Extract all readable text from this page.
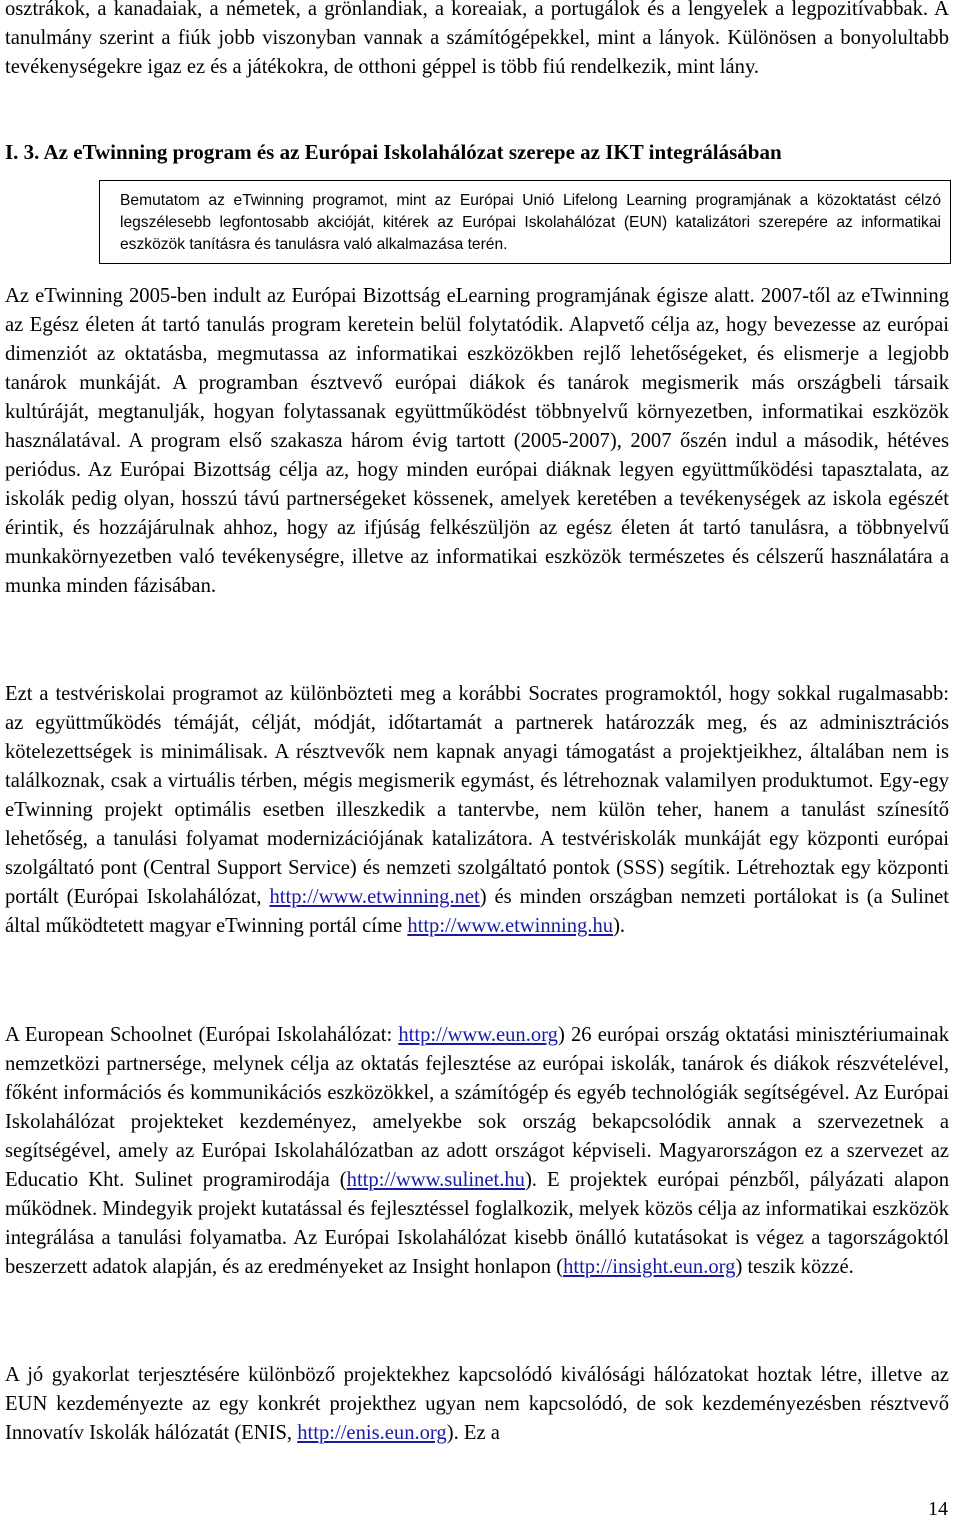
osztrákok, a kanadaiak, a németek, a grönlandiak, a koreaiak, a portugálok és a lengyelek a legpozitívabbak. A tanulmány szerint a fiúk jobb viszonyban vannak a számítógépekkel, mint a lányok. Különösen a bonyolultabb tevékenységekre igaz ez és a játékokra, de otthoni géppel is több fiú rendelkezik, mint lány.

I. 3. Az eTwinning program és az Európai Iskolahálózat szerepe az IKT integrálásában

Bemutatom az eTwinning programot, mint az Európai Unió Lifelong Learning programjának a közoktatást célzó legszélesebb legfontosabb akcióját, kitérek az Európai Iskolahálózat (EUN) katalizátori szerepére az informatikai eszközök tanításra és tanulásra való alkalmazása terén.

Az eTwinning 2005-ben indult az Európai Bizottság eLearning programjának égisze alatt. 2007-től az eTwinning az Egész életen át tartó tanulás program keretein belül folytatódik. Alapvető célja az, hogy bevezesse az európai dimenziót az oktatásba, megmutassa az informatikai eszközökben rejlő lehetőségeket, és elismerje a legjobb tanárok munkáját. A programban észtvevő európai diákok és tanárok megismerik más országbeli társaik kultúráját, megtanulják, hogyan folytassanak együttműködést többnyelvű környezetben, informatikai eszközök használatával. A program első szakasza három évig tartott (2005-2007), 2007 őszén indul a második, hétéves periódus. Az Európai Bizottság célja az, hogy minden európai diáknak legyen együttműködési tapasztalata, az iskolák pedig olyan, hosszú távú partnerségeket kössenek, amelyek keretében a tevékenységek az iskola egészét érintik, és hozzájárulnak ahhoz, hogy az ifjúság felkészüljön az egész életen át tartó tanulásra, a többnyelvű munkakörnyezetben való tevékenységre, illetve az informatikai eszközök természetes és célszerű használatára a munka minden fázisában.

Ezt a testvériskolai programot az különbözteti meg a korábbi Socrates programoktól, hogy sokkal rugalmasabb: az együttműködés témáját, célját, módját, időtartamát a partnerek határozzák meg, és az adminisztrációs kötelezettségek is minimálisak. A résztvevők nem kapnak anyagi támogatást a projektjeikhez, általában nem is találkoznak, csak a virtuális térben, mégis megismerik egymást, és létrehoznak valamilyen produktumot. Egy-egy eTwinning projekt optimális esetben illeszkedik a tantervbe, nem külön teher, hanem a tanulást színesítő lehetőség, a tanulási folyamat modernizációjának katalizátora. A testvériskolák munkáját egy központi európai szolgáltató pont (Central Support Service) és nemzeti szolgáltató pontok (SSS) segítik. Létrehoztak egy központi portált (Európai Iskolahálózat, http://www.etwinning.net) és minden országban nemzeti portálokat is (a Sulinet által működtetett magyar eTwinning portál címe http://www.etwinning.hu).

A European Schoolnet (Európai Iskolahálózat: http://www.eun.org) 26 európai ország oktatási minisztériumainak nemzetközi partnersége, melynek célja az oktatás fejlesztése az európai iskolák, tanárok és diákok részvételével, főként információs és kommunikációs eszközökkel, a számítógép és egyéb technológiák segítségével. Az Európai Iskolahálózat projekteket kezdeményez, amelyekbe sok ország bekapcsolódik annak a szervezetnek a segítségével, amely az Európai Iskolahálózatban az adott országot képviseli. Magyarországon ez a szervezet az Educatio Kht. Sulinet programirodája (http://www.sulinet.hu). E projektek európai pénzből, pályázati alapon működnek. Mindegyik projekt kutatással és fejlesztéssel foglalkozik, melyek közös célja az informatikai eszközök integrálása a tanulási folyamatba. Az Európai Iskolahálózat kisebb önálló kutatásokat is végez a tagországoktól beszerzett adatok alapján, és az eredményeket az Insight honlapon (http://insight.eun.org) teszik közzé.

A jó gyakorlat terjesztésére különböző projektekhez kapcsolódó kiválósági hálózatokat hoztak létre, illetve az EUN kezdeményezte az egy konkrét projekthez ugyan nem kapcsolódó, de sok kezdeményezésben résztvevő Innovatív Iskolák hálózatát (ENIS, http://enis.eun.org). Ez a

14
